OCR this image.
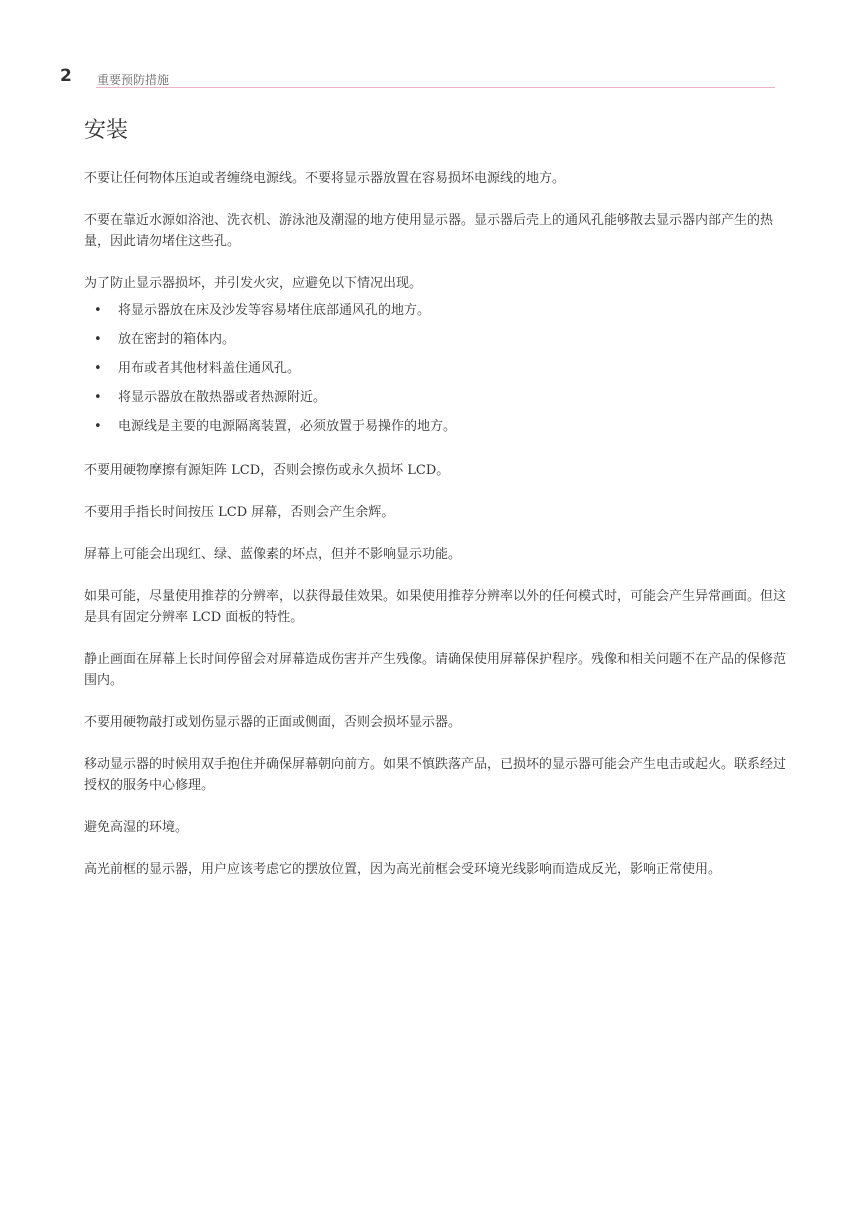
2 重要预防措施
安装

不要让任何物体压迫或者缠绕电源线。不要将显示器放置在容易损坏电源线的地方。

不要在靠近水源如浴池、洗衣机、游泳池及潮湿的地方使用显示器。显示器后壳上的通风孔能够散去显示器内部产生的热量，因此请勿堵住这些孔。

为了防止显示器损坏，并引发火灾，应避免以下情况出现。

• 将显示器放在床及沙发等容易堵住底部通风孔的地方。
• 放在密封的箱体内。
• 用布或者其他材料盖住通风孔。
• 将显示器放在散热器或者热源附近。
• 电源线是主要的电源隔离装置，必须放置于易操作的地方。

不要用硬物摩擦有源矩阵 LCD，否则会擦伤或永久损坏 LCD。

不要用手指长时间按压 LCD 屏幕，否则会产生余辉。

屏幕上可能会出现红、绿、蓝像素的坏点，但并不影响显示功能。

如果可能，尽量使用推荐的分辨率，以获得最佳效果。如果使用推荐分辨率以外的任何模式时，可能会产生异常画面。但这是具有固定分辨率 LCD 面板的特性。

静止画面在屏幕上长时间停留会对屏幕造成伤害并产生残像。请确保使用屏幕保护程序。残像和相关问题不在产品的保修范围内。

不要用硬物敲打或划伤显示器的正面或侧面，否则会损坏显示器。

移动显示器的时候用双手抱住并确保屏幕朝向前方。如果不慎跌落产品，已损坏的显示器可能会产生电击或起火。联系经过授权的服务中心修理。

避免高湿的环境。

高光前框的显示器，用户应该考虑它的摆放位置，因为高光前框会受环境光线影响而造成反光，影响正常使用。
